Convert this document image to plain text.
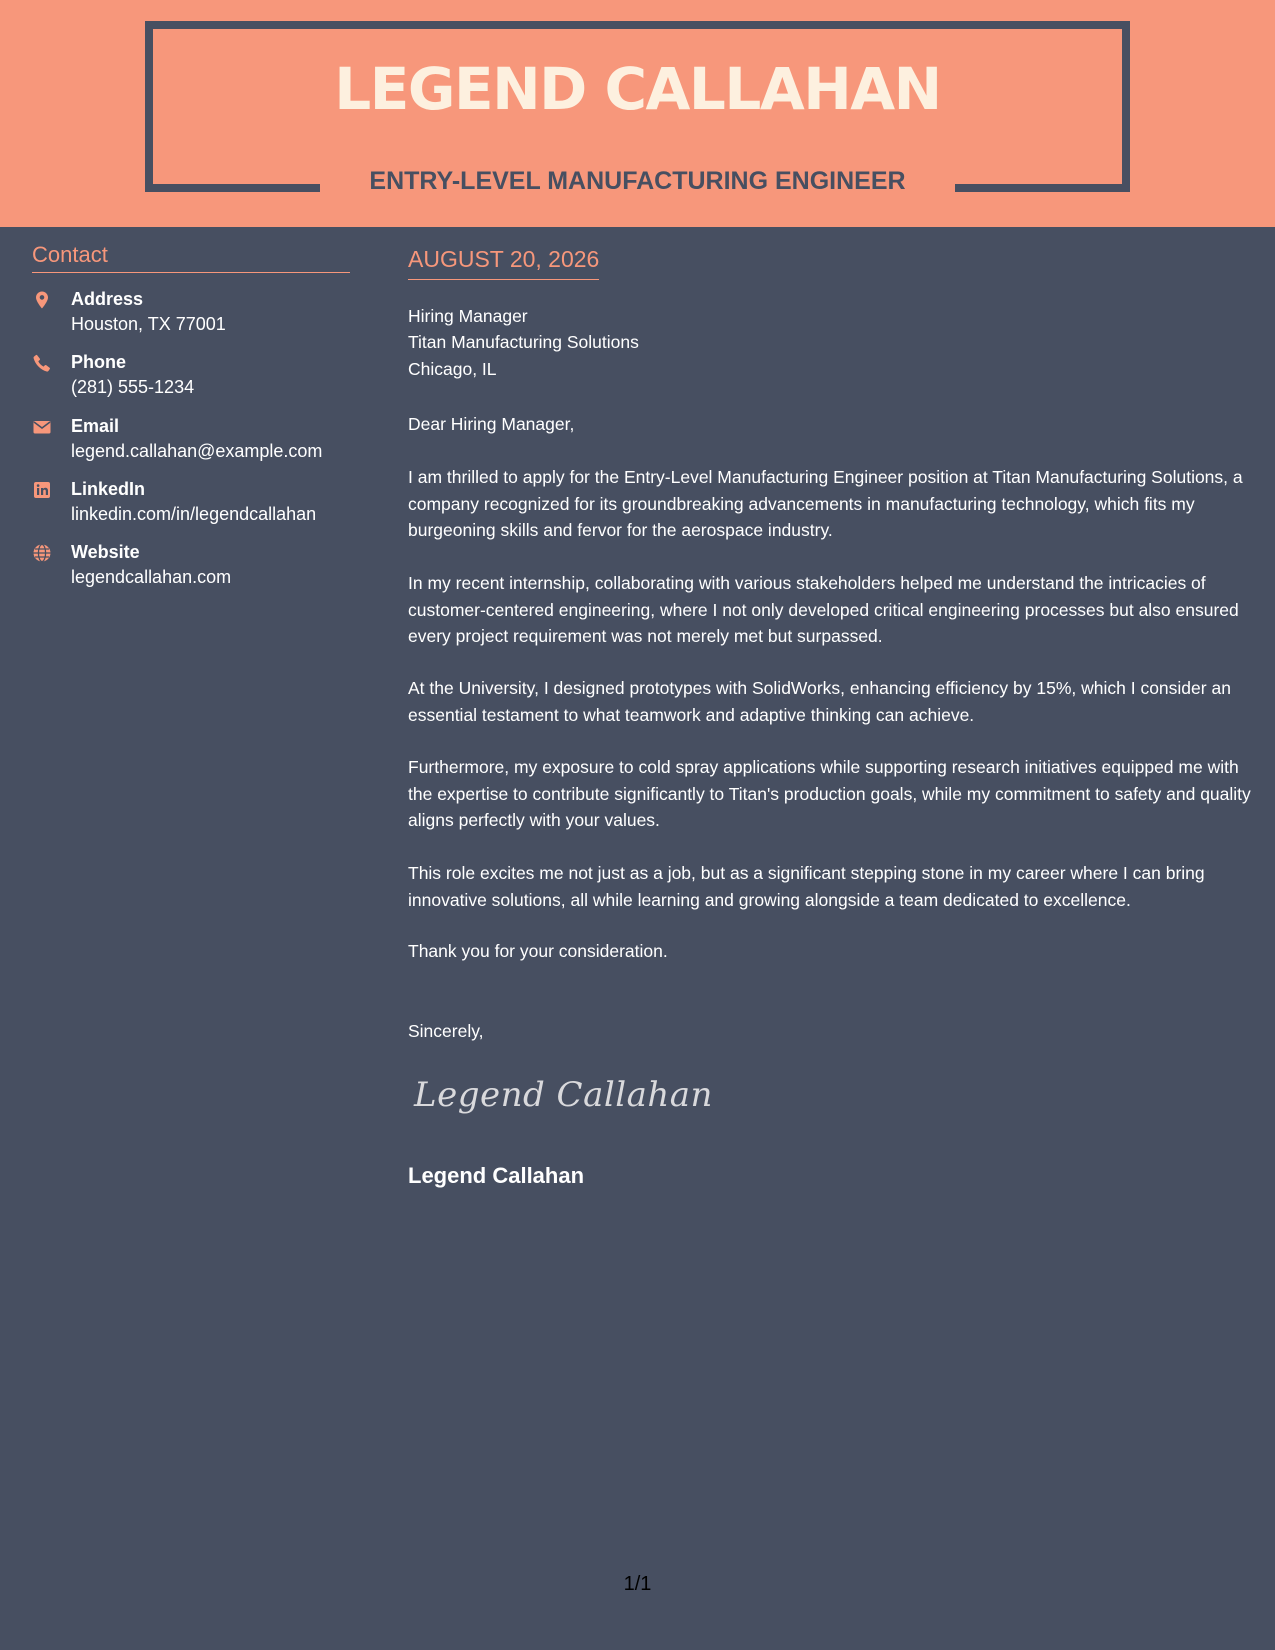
LEGEND CALLAHAN
ENTRY-LEVEL MANUFACTURING ENGINEER
Contact
Address
Houston, TX 77001
Phone
(281) 555-1234
Email
legend.callahan@example.com
LinkedIn
linkedin.com/in/legendcallahan
Website
legendcallahan.com
AUGUST 20, 2026
Hiring Manager
Titan Manufacturing Solutions
Chicago, IL
Dear Hiring Manager,
I am thrilled to apply for the Entry-Level Manufacturing Engineer position at Titan Manufacturing Solutions, a company recognized for its groundbreaking advancements in manufacturing technology, which fits my burgeoning skills and fervor for the aerospace industry.
In my recent internship, collaborating with various stakeholders helped me understand the intricacies of customer-centered engineering, where I not only developed critical engineering processes but also ensured every project requirement was not merely met but surpassed.
At the University, I designed prototypes with SolidWorks, enhancing efficiency by 15%, which I consider an essential testament to what teamwork and adaptive thinking can achieve.
Furthermore, my exposure to cold spray applications while supporting research initiatives equipped me with the expertise to contribute significantly to Titan's production goals, while my commitment to safety and quality aligns perfectly with your values.
This role excites me not just as a job, but as a significant stepping stone in my career where I can bring innovative solutions, all while learning and growing alongside a team dedicated to excellence.
Thank you for your consideration.
Sincerely,
Legend Callahan
Legend Callahan
1/1
